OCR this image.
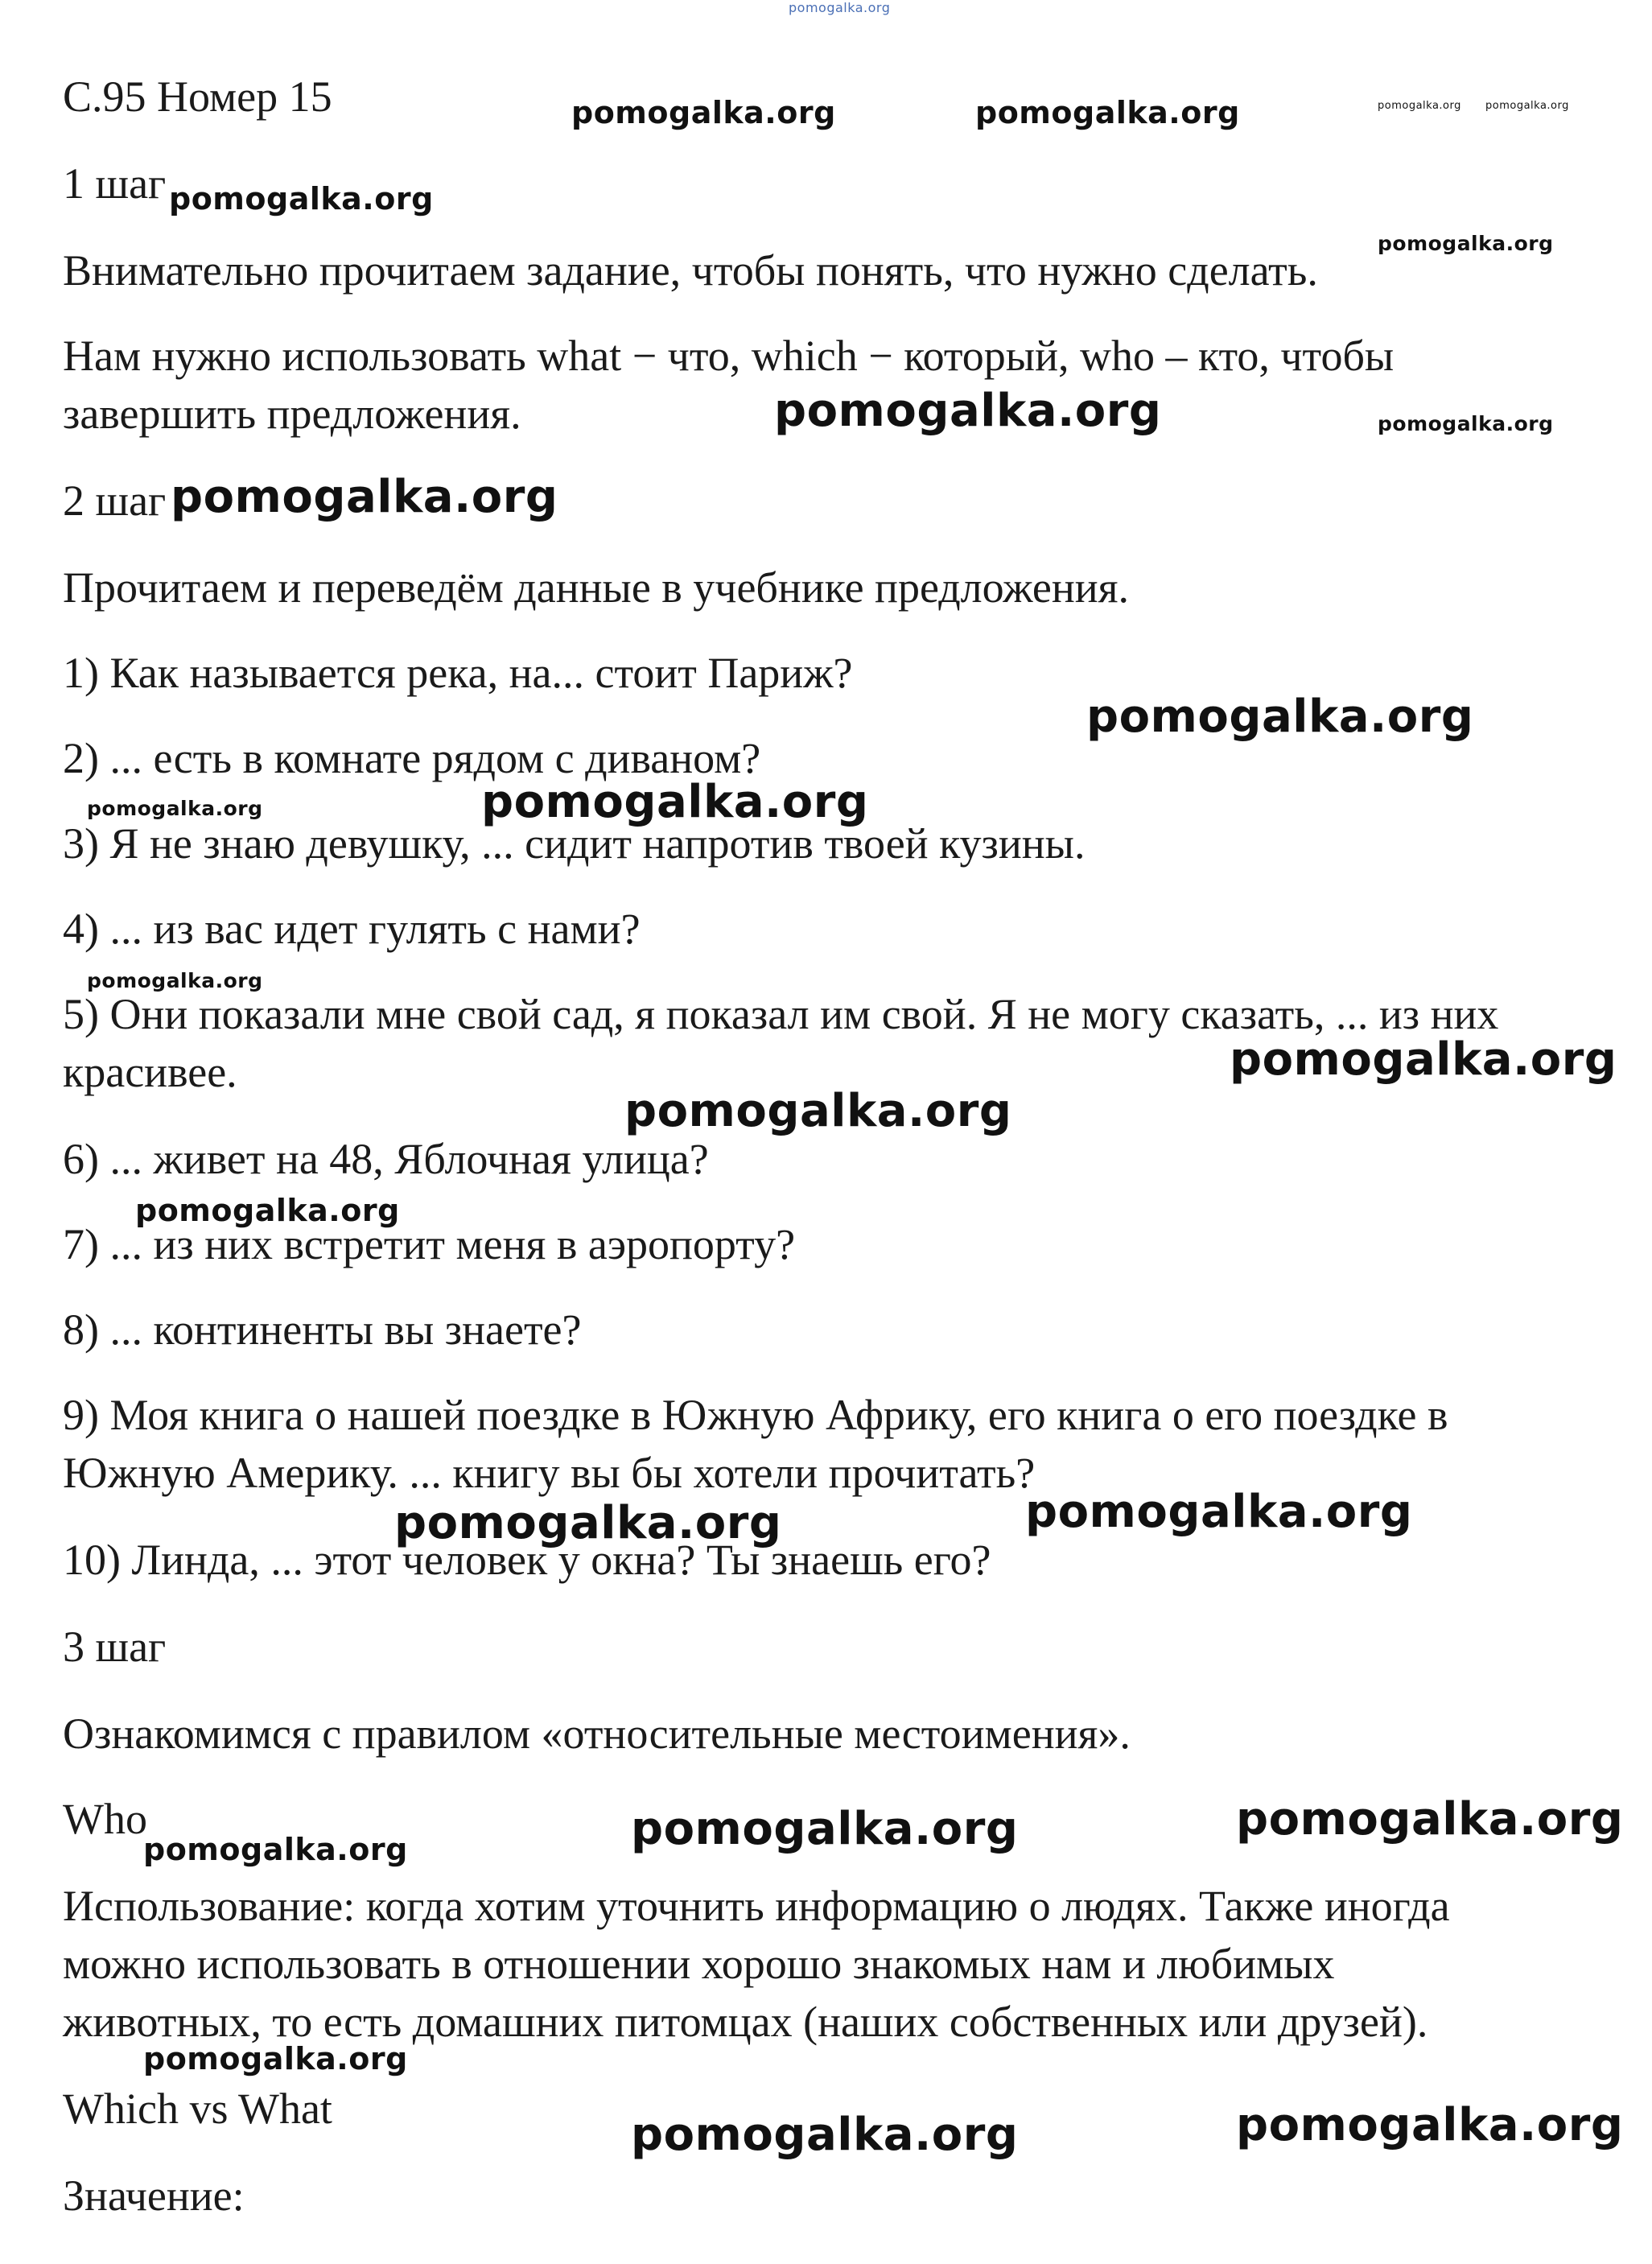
pomogalka.org

pomogalka.org	pomogalka.org	pomogalka.org pomogalka.org

pomogalka.org

pomogalka.org

pomogalka.org	pomogalka.org

pomogalka.org

pomogalka.org

pomogalka.org	pomogalka.org

pomogalka.org

pomogalka.org

pomogalka.org

pomogalka.org

pomogalka.org

pomogalka.org

pomogalka.org

pomogalka.org

pomogalka.org

pomogalka.org

pomogalka.org

pomogalka.org

С.95 Номер 15

1 шаг

Внимательно прочитаем задание, чтобы понять, что нужно сделать.

Нам нужно использовать what − что, which − который, who – кто, чтобы

завершить предложения.

2 шаг

Прочитаем и переведём данные в учебнике предложения.

1) Как называется река, на... стоит Париж?

2) ... есть в комнате рядом с диваном?

3) Я не знаю девушку, ... сидит напротив твоей кузины.

4) ... из вас идет гулять с нами?

5) Они показали мне свой сад, я показал им свой. Я не могу сказать, ... из них

красивее.

6) ... живет на 48, Яблочная улица?

7) ... из них встретит меня в аэропорту?

8) ... континенты вы знаете?

9) Моя книга о нашей поездке в Южную Африку, его книга о его поездке в

Южную Америку. ... книгу вы бы хотели прочитать?

10) Линда, ... этот человек у окна? Ты знаешь его?

3 шаг

Ознакомимся с правилом «относительные местоимения».

Who

Использование: когда хотим уточнить информацию о людях. Также иногда

можно использовать в отношении хорошо знакомых нам и любимых

животных, то есть домашних питомцах (наших собственных или друзей).

Which vs What

Значение:
